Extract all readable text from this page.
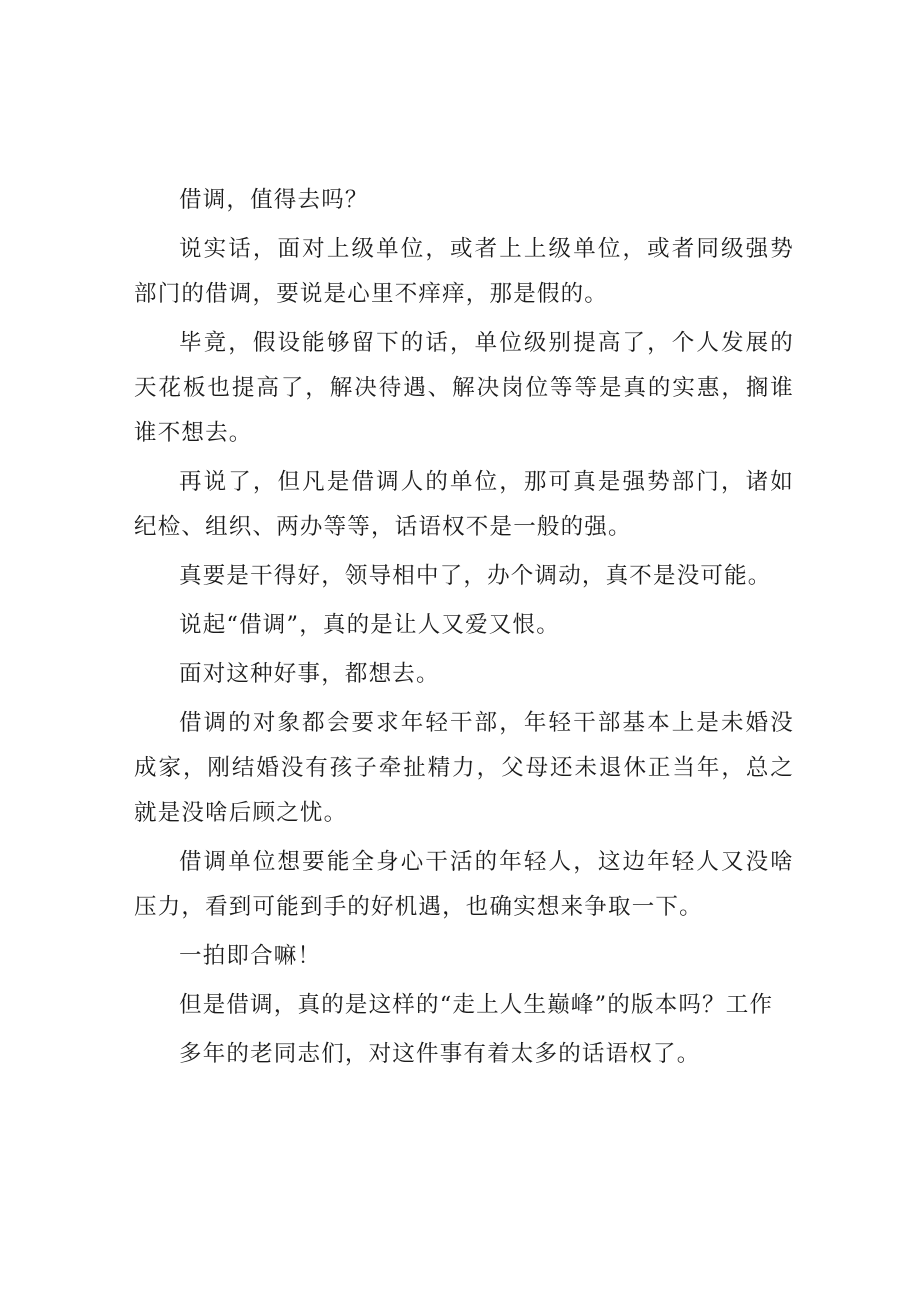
借调，值得去吗？

说实话，面对上级单位，或者上上级单位，或者同级强势部门的借调，要说是心里不痒痒，那是假的。

毕竟，假设能够留下的话，单位级别提高了，个人发展的天花板也提高了，解决待遇、解决岗位等等是真的实惠，搁谁谁不想去。

再说了，但凡是借调人的单位，那可真是强势部门，诸如纪检、组织、两办等等，话语权不是一般的强。

真要是干得好，领导相中了，办个调动，真不是没可能。

说起“借调”，真的是让人又爱又恨。

面对这种好事，都想去。

借调的对象都会要求年轻干部，年轻干部基本上是未婚没成家，刚结婚没有孩子牵扯精力，父母还未退休正当年，总之就是没啥后顾之忧。

借调单位想要能全身心干活的年轻人，这边年轻人又没啥压力，看到可能到手的好机遇，也确实想来争取一下。

一拍即合嘛！

但是借调，真的是这样的“走上人生巅峰”的版本吗？工作

多年的老同志们，对这件事有着太多的话语权了。
